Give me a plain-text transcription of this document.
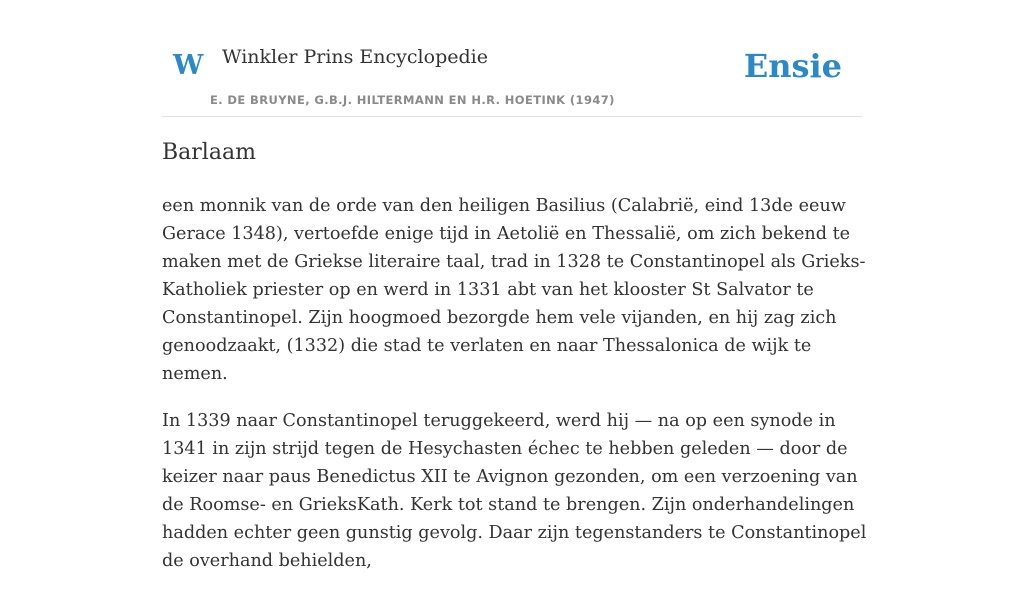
W Winkler Prins Encyclopedie
E. DE BRUYNE, G.B.J. HILTERMANN EN H.R. HOETINK (1947)
Ensie
Barlaam

een monnik van de orde van den heiligen Basilius (Calabrië, eind 13de eeuw Gerace 1348), vertoefde enige tijd in Aetolië en Thessalië, om zich bekend te maken met de Griekse literaire taal, trad in 1328 te Constantinopel als Grieks-Katholiek priester op en werd in 1331 abt van het klooster St Salvator te Constantinopel. Zijn hoogmoed bezorgde hem vele vijanden, en hij zag zich genoodzaakt, (1332) die stad te verlaten en naar Thessalonica de wijk te nemen.

In 1339 naar Constantinopel teruggekeerd, werd hij — na op een synode in 1341 in zijn strijd tegen de Hesychasten échec te hebben geleden — door de keizer naar paus Benedictus XII te Avignon gezonden, om een verzoening van de Roomse- en GrieksKath. Kerk tot stand te brengen. Zijn onderhandelingen hadden echter geen gunstig gevolg. Daar zijn tegenstanders te Constantinopel de overhand behielden,
